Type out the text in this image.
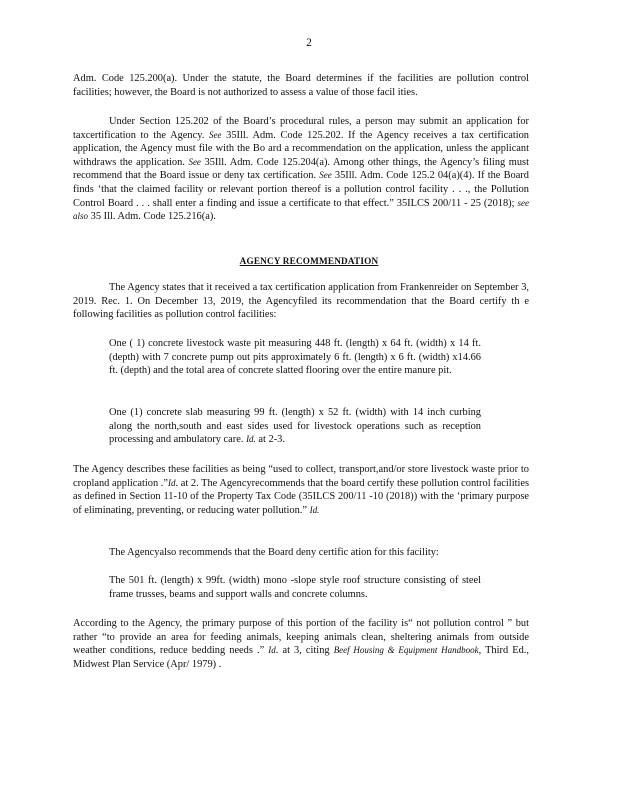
2

Adm. Code 125.200(a). Under the statute, the Board determines if the facilities are pollution control facilities; however, the Board is not authorized to assess a value of those facil ities.

Under Section 125.202 of the Board’s procedural rules, a person may submit an application for taxcertification to the Agency. See 35Ill. Adm. Code 125.202. If the Agency receives a tax certification application, the Agency must file with the Bo ard a recommendation on the application, unless the applicant withdraws the application. See 35Ill. Adm. Code 125.204(a). Among other things, the Agency’s filing must recommend that the Board issue or deny tax certification. See 35Ill. Adm. Code 125.2 04(a)(4). If the Board finds ‘that the claimed facility or relevant portion thereof is a pollution control facility . . ., the Pollution Control Board . . . shall enter a finding and issue a certificate to that effect.” 35ILCS 200/11 - 25 (2018); see also 35 Ill. Adm. Code 125.216(a).

AGENCY RECOMMENDATION

The Agency states that it received a tax certification application from Frankenreider on September 3, 2019. Rec. 1. On December 13, 2019, the Agencyfiled its recommendation that the Board certify th e following facilities as pollution control facilities:

One ( 1) concrete livestock waste pit measuring 448 ft. (length) x 64 ft. (width) x 14 ft. (depth) with 7 concrete pump out pits approximately 6 ft. (length) x 6 ft. (width) x14.66 ft. (depth) and the total area of concrete slatted flooring over the entire manure pit.

One (1) concrete slab measuring 99 ft. (length) x 52 ft. (width) with 14 inch curbing along the north,south and east sides used for livestock operations such as reception processing and ambulatory care. Id. at 2-3.

The Agency describes these facilities as being “used to collect, transport,and/or store livestock waste prior to cropland application .”Id. at 2. The Agencyrecommends that the board certify these pollution control facilities as defined in Section 11-10 of the Property Tax Code (35ILCS 200/11 -10 (2018)) with the ‘primary purpose of eliminating, preventing, or reducing water pollution.” Id.

The Agencyalso recommends that the Board deny certific ation for this facility:

The 501 ft. (length) x 99ft. (width) mono -slope style roof structure consisting of steel frame trusses, beams and support walls and concrete columns.

According to the Agency, the primary purpose of this portion of the facility is“ not pollution control ” but rather “to provide an area for feeding animals, keeping animals clean, sheltering animals from outside weather conditions, reduce bedding needs .” Id. at 3, citing Beef Housing & Equipment Handbook, Third Ed., Midwest Plan Service (Apr/ 1979) .
